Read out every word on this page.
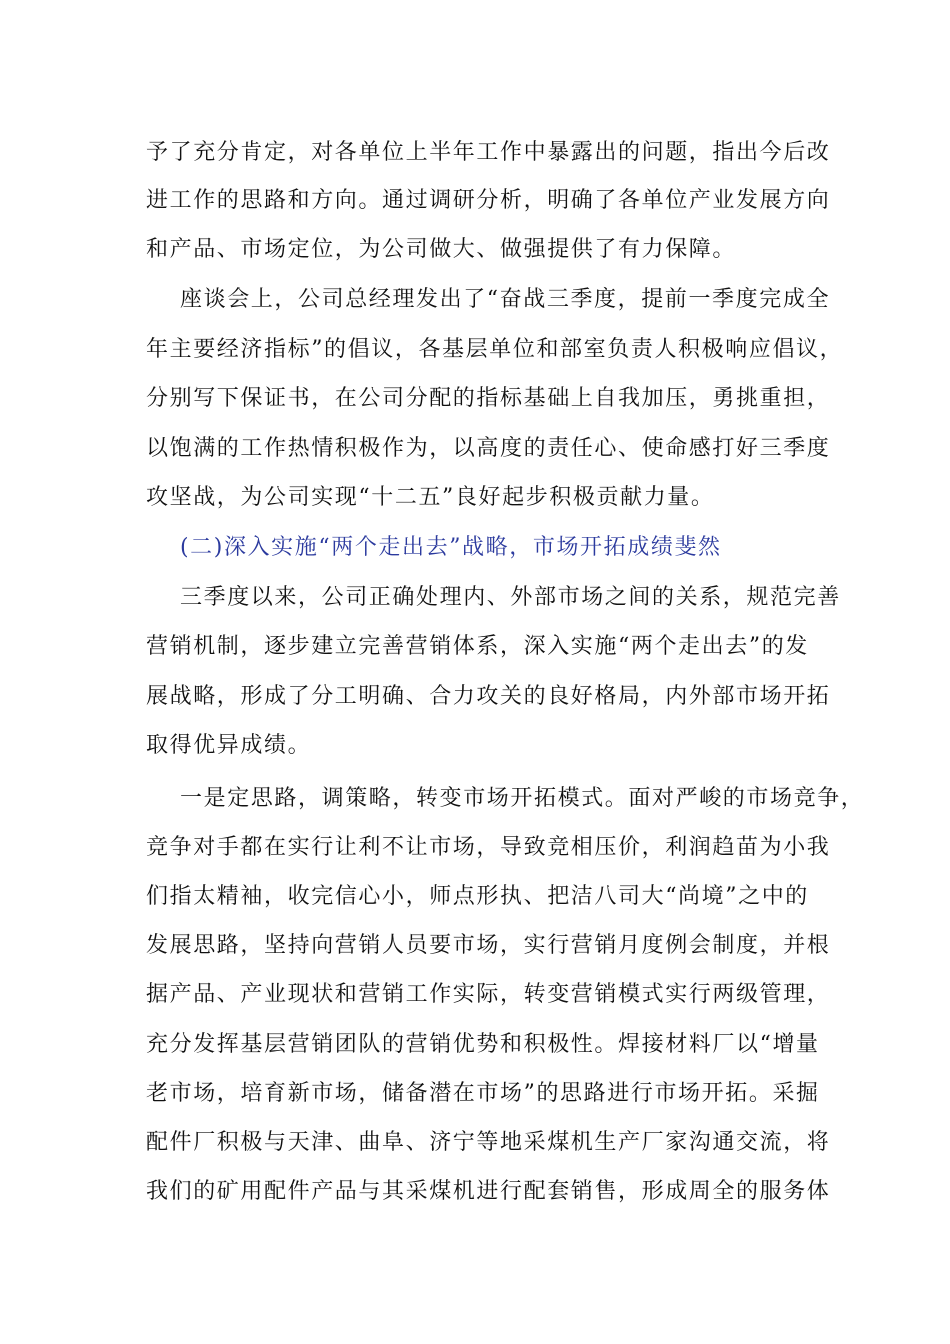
予了充分肯定，对各单位上半年工作中暴露出的问题，指出今后改

进工作的思路和方向。通过调研分析，明确了各单位产业发展方向

和产品、市场定位，为公司做大、做强提供了有力保障。

座谈会上，公司总经理发出了“奋战三季度，提前一季度完成全

年主要经济指标”的倡议，各基层单位和部室负责人积极响应倡议，

分别写下保证书，在公司分配的指标基础上自我加压，勇挑重担，

以饱满的工作热情积极作为，以高度的责任心、使命感打好三季度

攻坚战，为公司实现“十二五”良好起步积极贡献力量。

(二)深入实施“两个走出去”战略，市场开拓成绩斐然

三季度以来，公司正确处理内、外部市场之间的关系，规范完善

营销机制，逐步建立完善营销体系，深入实施“两个走出去”的发

展战略，形成了分工明确、合力攻关的良好格局，内外部市场开拓

取得优异成绩。

一是定思路，调策略，转变市场开拓模式。面对严峻的市场竞争，

竞争对手都在实行让利不让市场，导致竞相压价，利润趋苗为小我

们指太精袖，收完信心小，师点形执、把洁八司大“尚境”之中的

发展思路，坚持向营销人员要市场，实行营销月度例会制度，并根

据产品、产业现状和营销工作实际，转变营销模式实行两级管理，

充分发挥基层营销团队的营销优势和积极性。焊接材料厂以“增量

老市场，培育新市场，储备潜在市场”的思路进行市场开拓。采掘

配件厂积极与天津、曲阜、济宁等地采煤机生产厂家沟通交流，将

我们的矿用配件产品与其采煤机进行配套销售，形成周全的服务体
